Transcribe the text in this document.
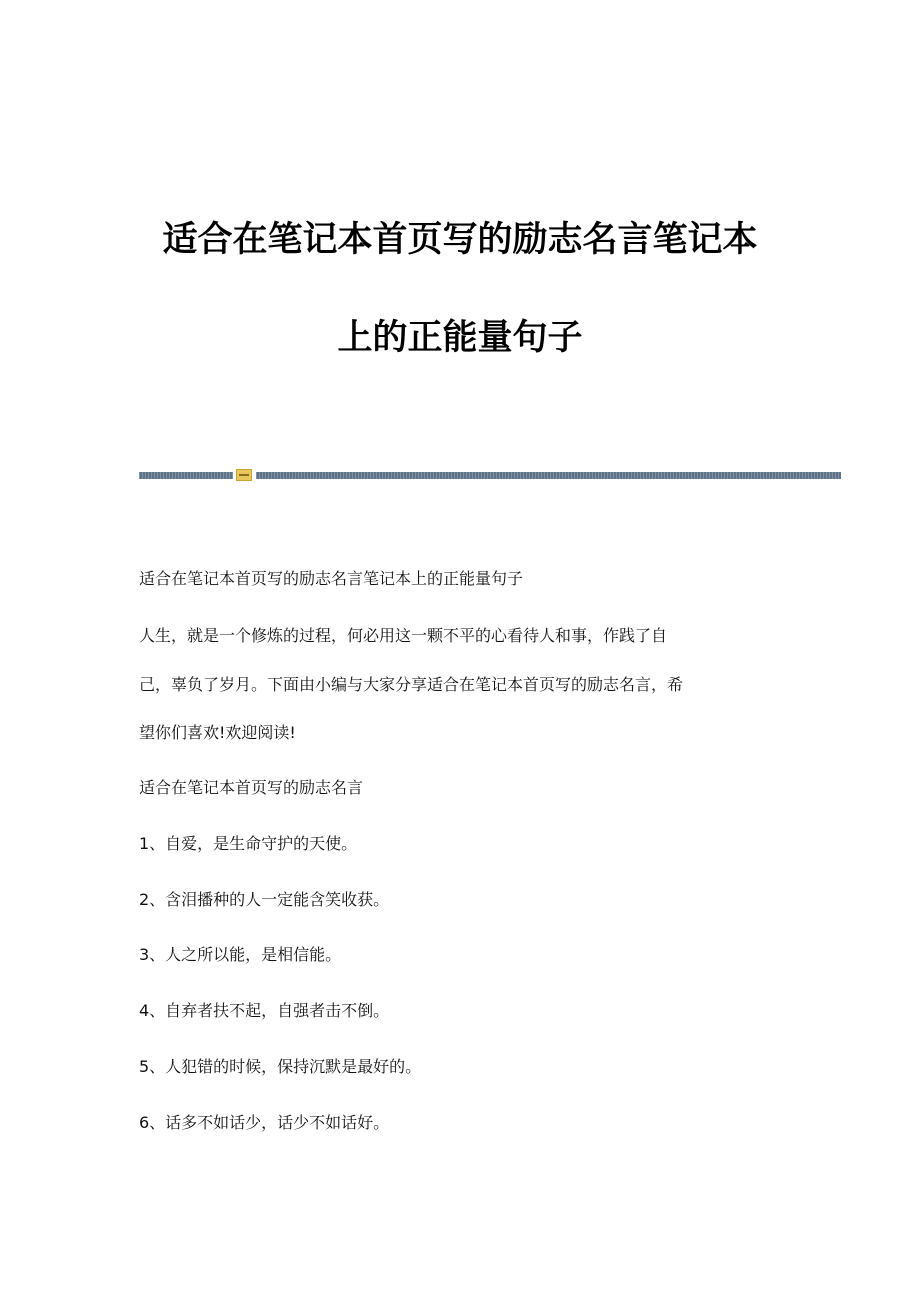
适合在笔记本首页写的励志名言笔记本
上的正能量句子
适合在笔记本首页写的励志名言笔记本上的正能量句子
人生，就是一个修炼的过程，何必用这一颗不平的心看待人和事，作践了自
己，辜负了岁月。下面由小编与大家分享适合在笔记本首页写的励志名言，希
望你们喜欢!欢迎阅读!
适合在笔记本首页写的励志名言
1、自爱，是生命守护的天使。
2、含泪播种的人一定能含笑收获。
3、人之所以能，是相信能。
4、自弃者扶不起，自强者击不倒。
5、人犯错的时候，保持沉默是最好的。
6、话多不如话少，话少不如话好。
